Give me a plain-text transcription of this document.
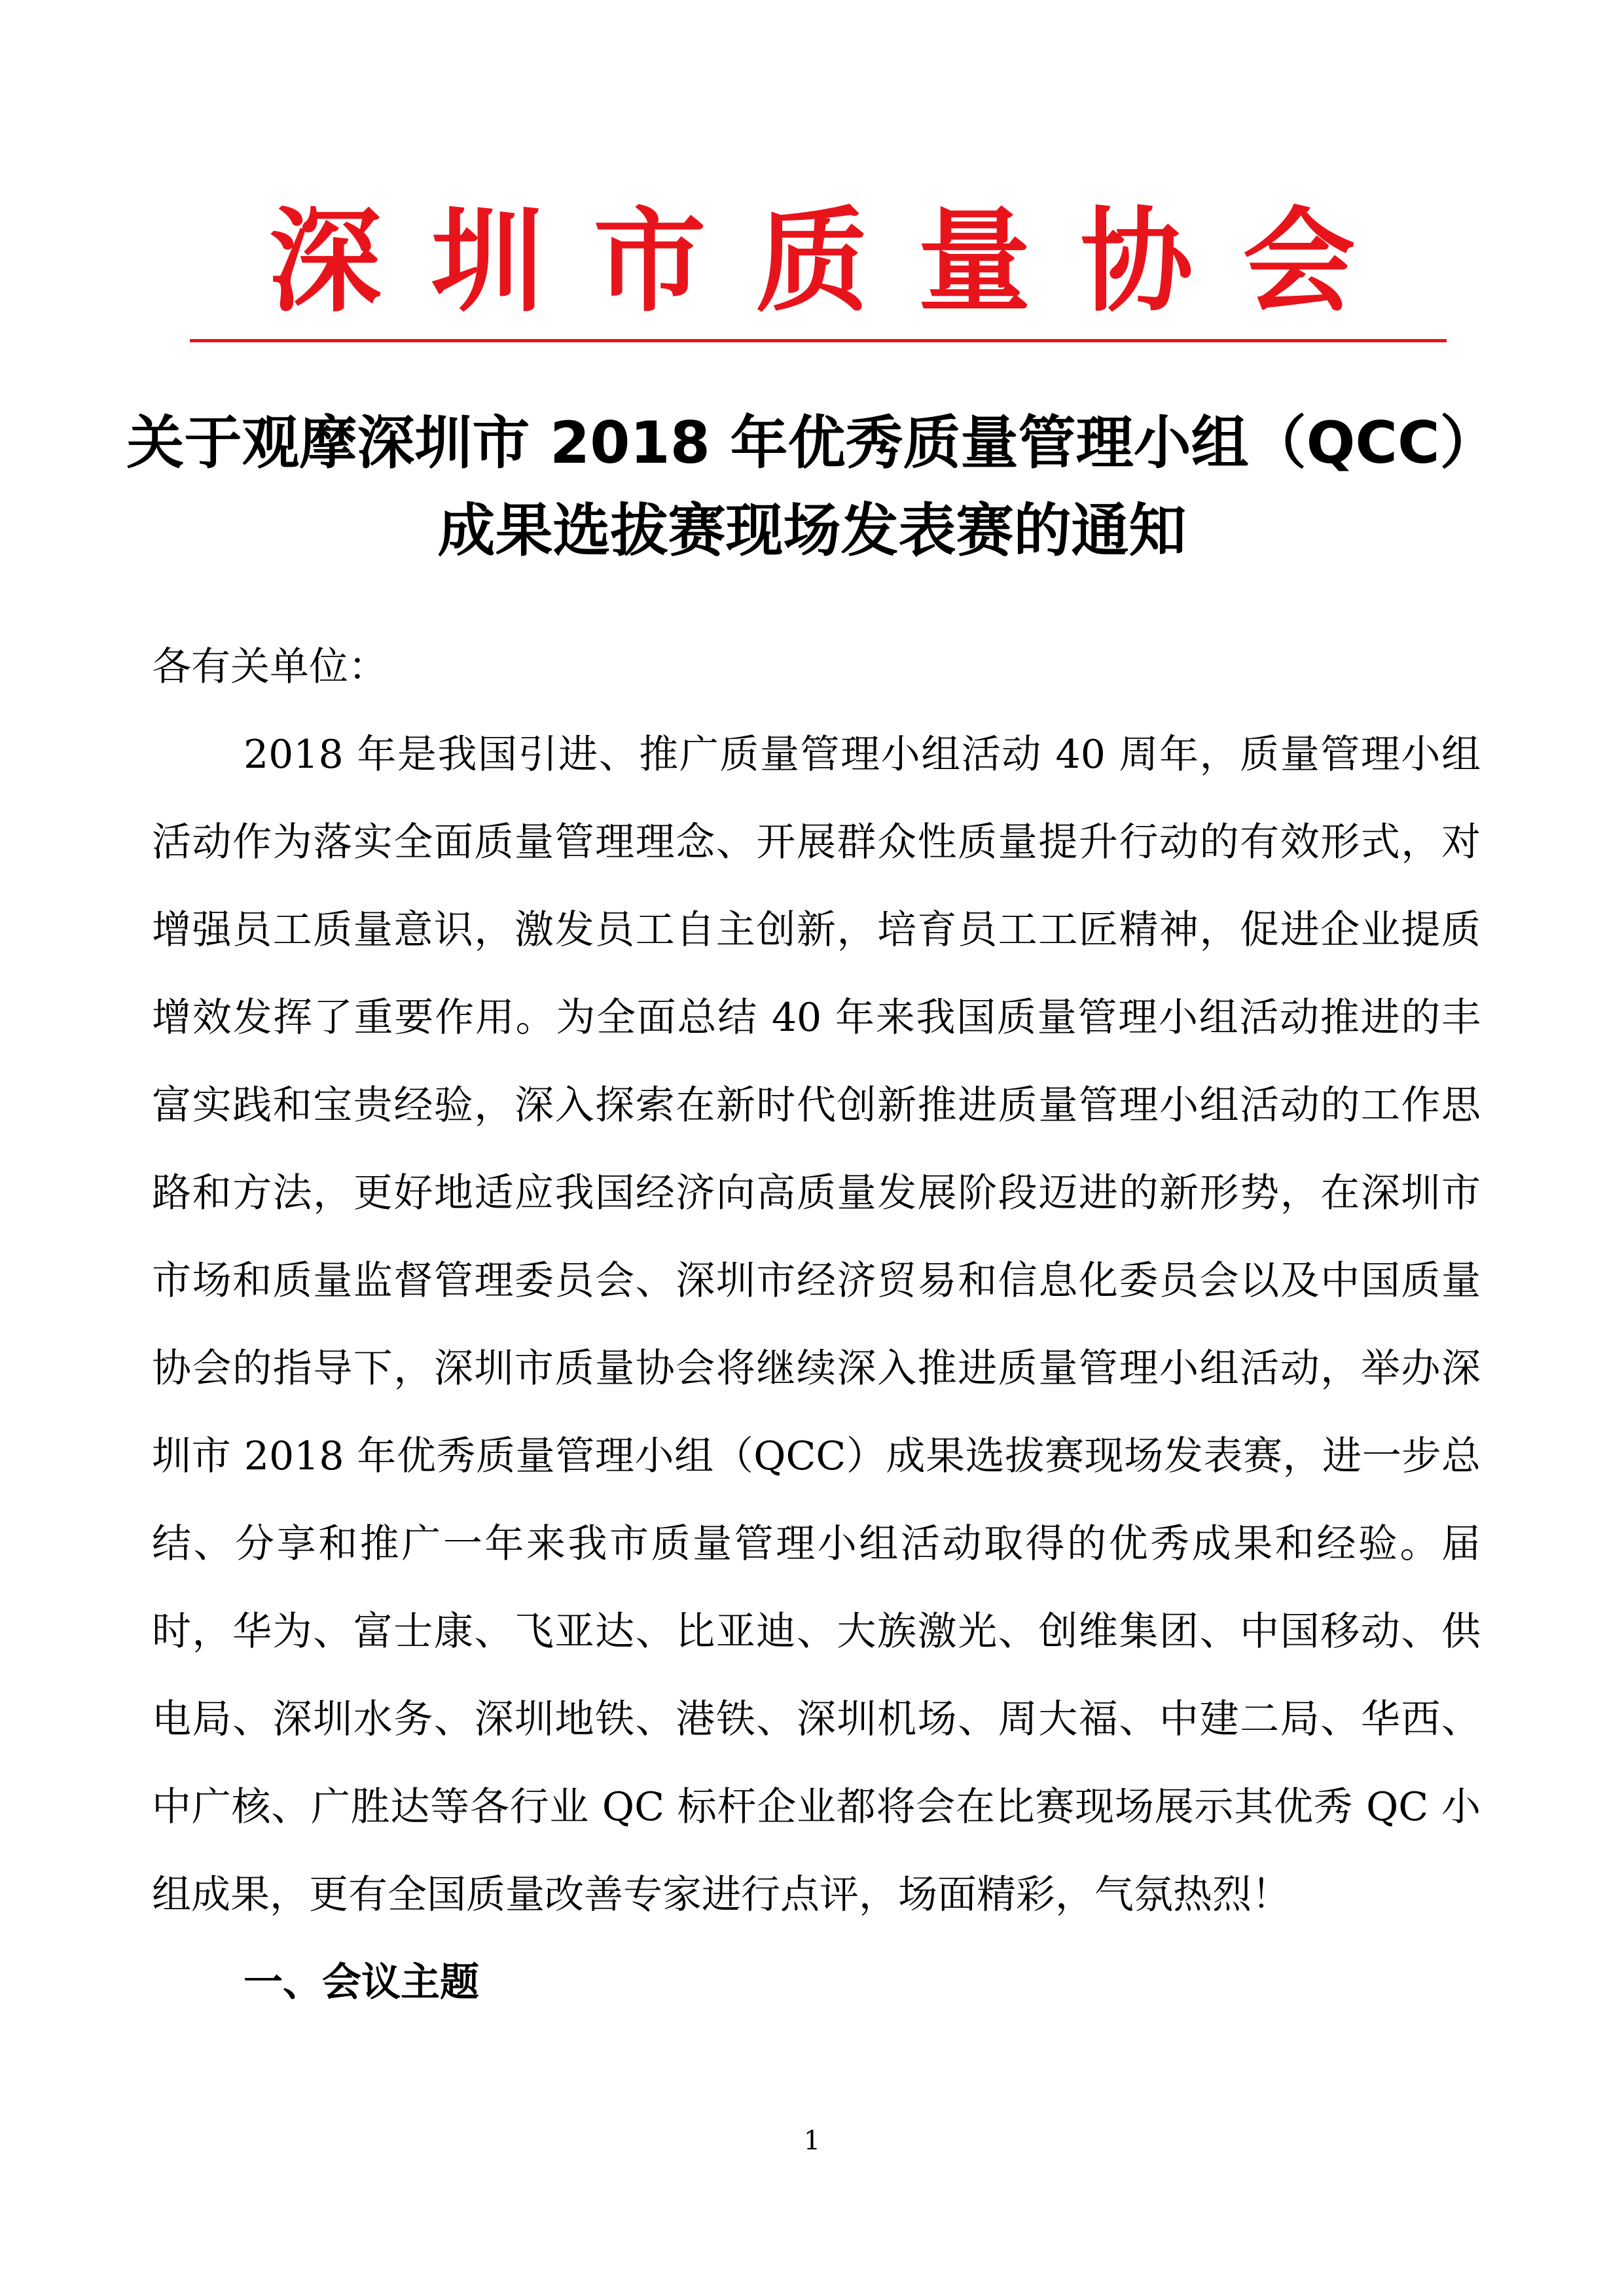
深圳市质量协会
关于观摩深圳市 2018 年优秀质量管理小组（QCC）
成果选拔赛现场发表赛的通知
各有关单位：

2018 年是我国引进、推广质量管理小组活动 40 周年，质量管理小组活动作为落实全面质量管理理念、开展群众性质量提升行动的有效形式，对增强员工质量意识，激发员工自主创新，培育员工工匠精神，促进企业提质增效发挥了重要作用。为全面总结 40 年来我国质量管理小组活动推进的丰富实践和宝贵经验，深入探索在新时代创新推进质量管理小组活动的工作思路和方法，更好地适应我国经济向高质量发展阶段迈进的新形势，在深圳市市场和质量监督管理委员会、深圳市经济贸易和信息化委员会以及中国质量协会的指导下，深圳市质量协会将继续深入推进质量管理小组活动，举办深圳市 2018 年优秀质量管理小组（QCC）成果选拔赛现场发表赛，进一步总结、分享和推广一年来我市质量管理小组活动取得的优秀成果和经验。届时，华为、富士康、飞亚达、比亚迪、大族激光、创维集团、中国移动、供电局、深圳水务、深圳地铁、港铁、深圳机场、周大福、中建二局、华西、中广核、广胜达等各行业 QC 标杆企业都将会在比赛现场展示其优秀 QC 小组成果，更有全国质量改善专家进行点评，场面精彩，气氛热烈！

一、会议主题
1
